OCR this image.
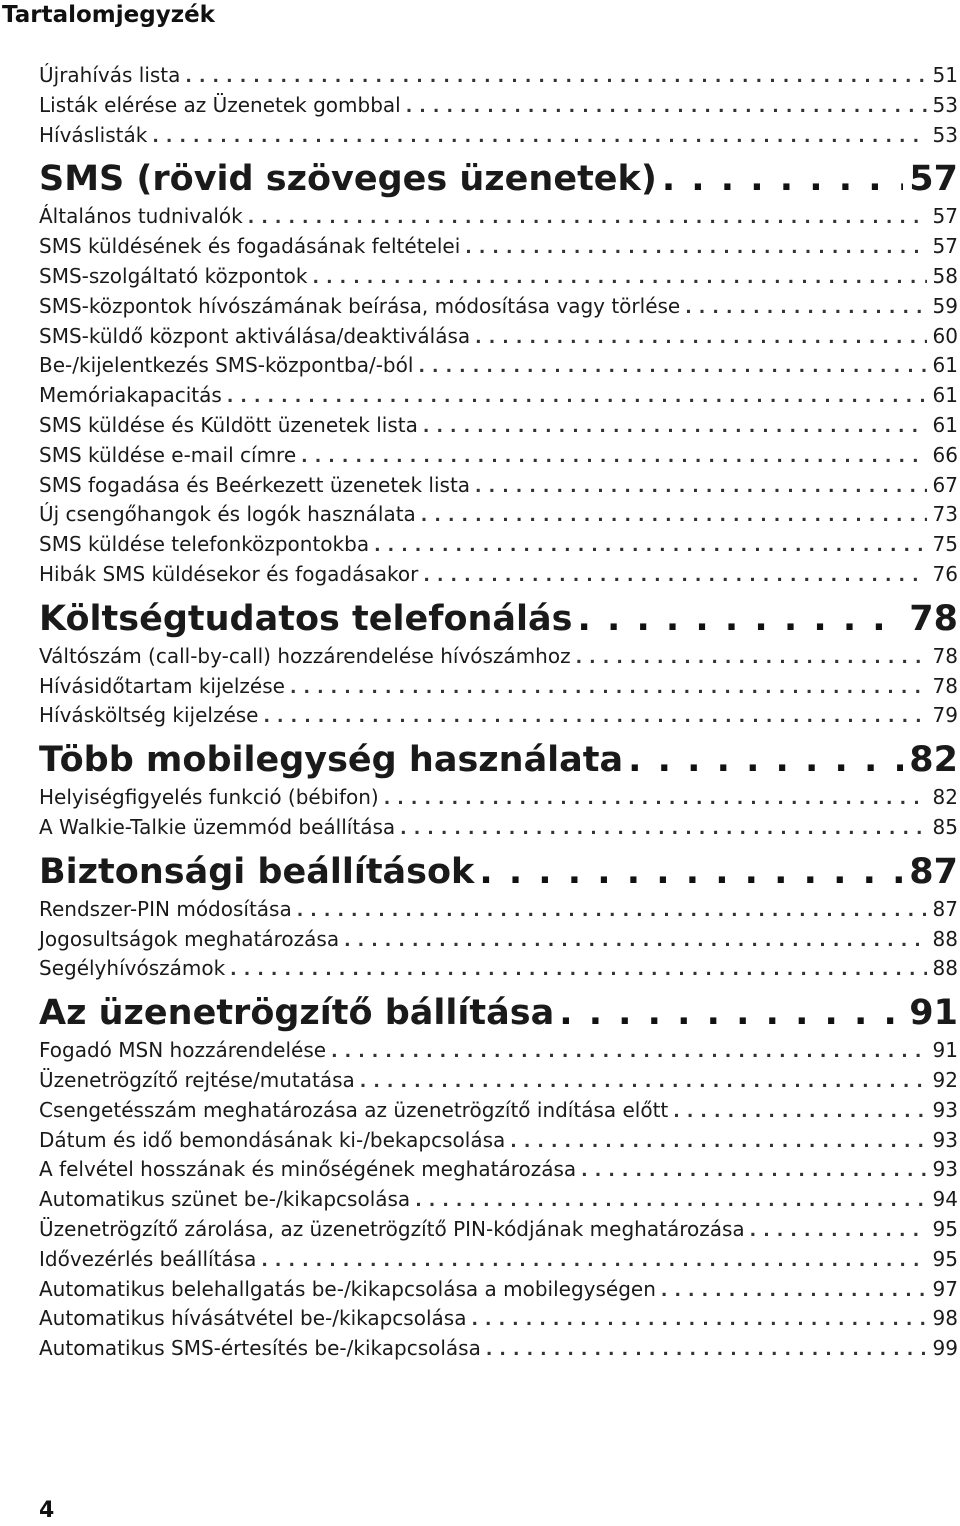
Tartalomjegyzék
Újrahívás lista . . .	51
Listák elérése az Üzenetek gombbal . . .	53
Híváslisták . . .	53
SMS (rövid szöveges üzenetek) . . .	57
Általános tudnivalók . . .	57
SMS küldésének és fogadásának feltételei . . .	57
SMS-szolgáltató központok . . .	58
SMS-központok hívószámának beírása, módosítása vagy törlése . . .	59
SMS-küldő központ aktiválása/deaktiválása . . .	60
Be-/kijelentkezés SMS-központba/-ból . . .	61
Memóriakapacitás . . .	61
SMS küldése és Küldött üzenetek lista . . .	61
SMS küldése e-mail címre . . .	66
SMS fogadása és Beérkezett üzenetek lista . . .	67
Új csengőhangok és logók használata . . .	73
SMS küldése telefonközpontokba . . .	75
Hibák SMS küldésekor és fogadásakor . . .	76
Költségtudatos telefonálás . . .	78
Váltószám (call-by-call) hozzárendelése hívószámhoz . . .	78
Hívásidőtartam kijelzése . . .	78
Hívásköltség kijelzése . . .	79
Több mobilegység használata . . .	82
Helyiségfigyelés funkció (bébifon) . . .	82
A Walkie-Talkie üzemmód beállítása . . .	85
Biztonsági beállítások . . .	87
Rendszer-PIN módosítása . . .	87
Jogosultságok meghatározása . . .	88
Segélyhívószámok . . .	88
Az üzenetrögzítő bállítása . . .	91
Fogadó MSN hozzárendelése . . .	91
Üzenetrögzítő rejtése/mutatása . . .	92
Csengetésszám meghatározása az üzenetrögzítő indítása előtt . . .	93
Dátum és idő bemondásának ki-/bekapcsolása . . .	93
A felvétel hosszának és minőségének meghatározása . . .	93
Automatikus szünet be-/kikapcsolása . . .	94
Üzenetrögzítő zárolása, az üzenetrögzítő PIN-kódjának meghatározása . . .	95
Idővezérlés beállítása . . .	95
Automatikus belehallgatás be-/kikapcsolása a mobilegységen . . .	97
Automatikus hívásátvétel be-/kikapcsolása . . .	98
Automatikus SMS-értesítés be-/kikapcsolása . . .	99
4
